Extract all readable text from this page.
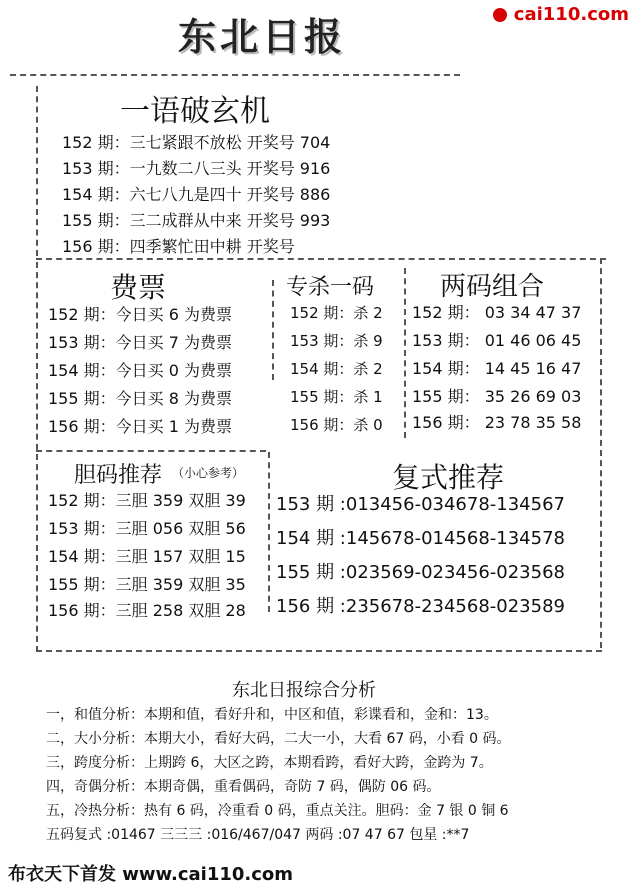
东北日报	cai110.com
一语破玄机
152 期：三七紧跟不放松 开奖号 704
153 期：一九数二八三头 开奖号 916
154 期：六七八九是四十 开奖号 886
155 期：三二成群从中来 开奖号 993
156 期：四季繁忙田中耕 开奖号
费票
152 期：今日买 6 为费票
153 期：今日买 7 为费票
154 期：今日买 0 为费票
155 期：今日买 8 为费票
156 期：今日买 1 为费票
专杀一码
152 期：杀 2
153 期：杀 9
154 期：杀 2
155 期：杀 1
156 期：杀 0
两码组合
152 期： 03 34 47 37
153 期： 01 46 06 45
154 期： 14 45 16 47
155 期： 35 26 69 03
156 期： 23 78 35 58
胆码推荐 （小心参考）
152 期：三胆 359 双胆 39
153 期：三胆 056 双胆 56
154 期：三胆 157 双胆 15
155 期：三胆 359 双胆 35
156 期：三胆 258 双胆 28
复式推荐
153 期 :013456-034678-134567
154 期 :145678-014568-134578
155 期 :023569-023456-023568
156 期 :235678-234568-023589
东北日报综合分析
一，和值分析：本期和值，看好升和，中区和值，彩谍看和，金和：13。
二，大小分析：本期大小，看好大码，二大一小，大看 67 码，小看 0 码。
三，跨度分析：上期跨 6，大区之跨，本期看跨，看好大跨，金跨为 7。
四，奇偶分析：本期奇偶，重看偶码，奇防 7 码，偶防 06 码。
五，冷热分析：热有 6 码，冷重看 0 码，重点关注。胆码：金 7 银 0 铜 6
五码复式 :01467 三三三 :016/467/047 两码 :07 47 67 包星 :**7
布衣天下首发 www.cai110.com
